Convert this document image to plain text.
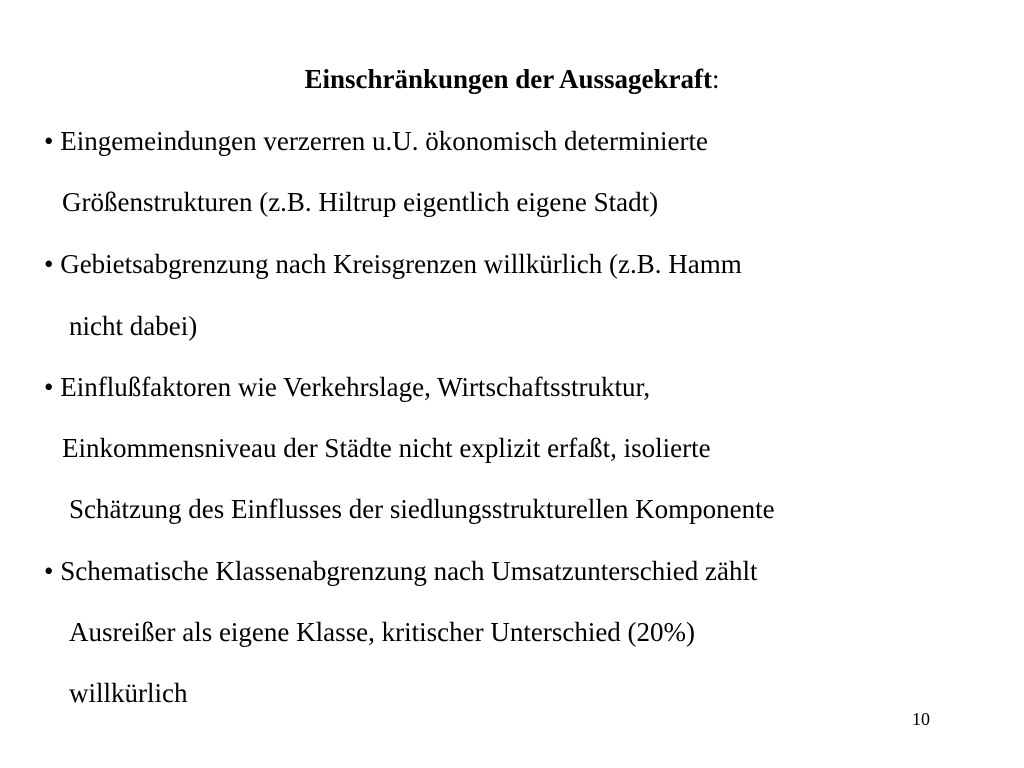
Einschränkungen der Aussagekraft:
• Eingemeindungen verzerren u.U. ökonomisch determinierte
Größenstrukturen (z.B. Hiltrup eigentlich eigene Stadt)
• Gebietsabgrenzung nach Kreisgrenzen willkürlich (z.B. Hamm
nicht dabei)
• Einflußfaktoren wie Verkehrslage, Wirtschaftsstruktur,
Einkommensniveau der Städte nicht explizit erfaßt, isolierte
Schätzung des Einflusses der siedlungsstrukturellen Komponente
• Schematische Klassenabgrenzung nach Umsatzunterschied zählt
Ausreißer als eigene Klasse, kritischer Unterschied (20%)
willkürlich
10
